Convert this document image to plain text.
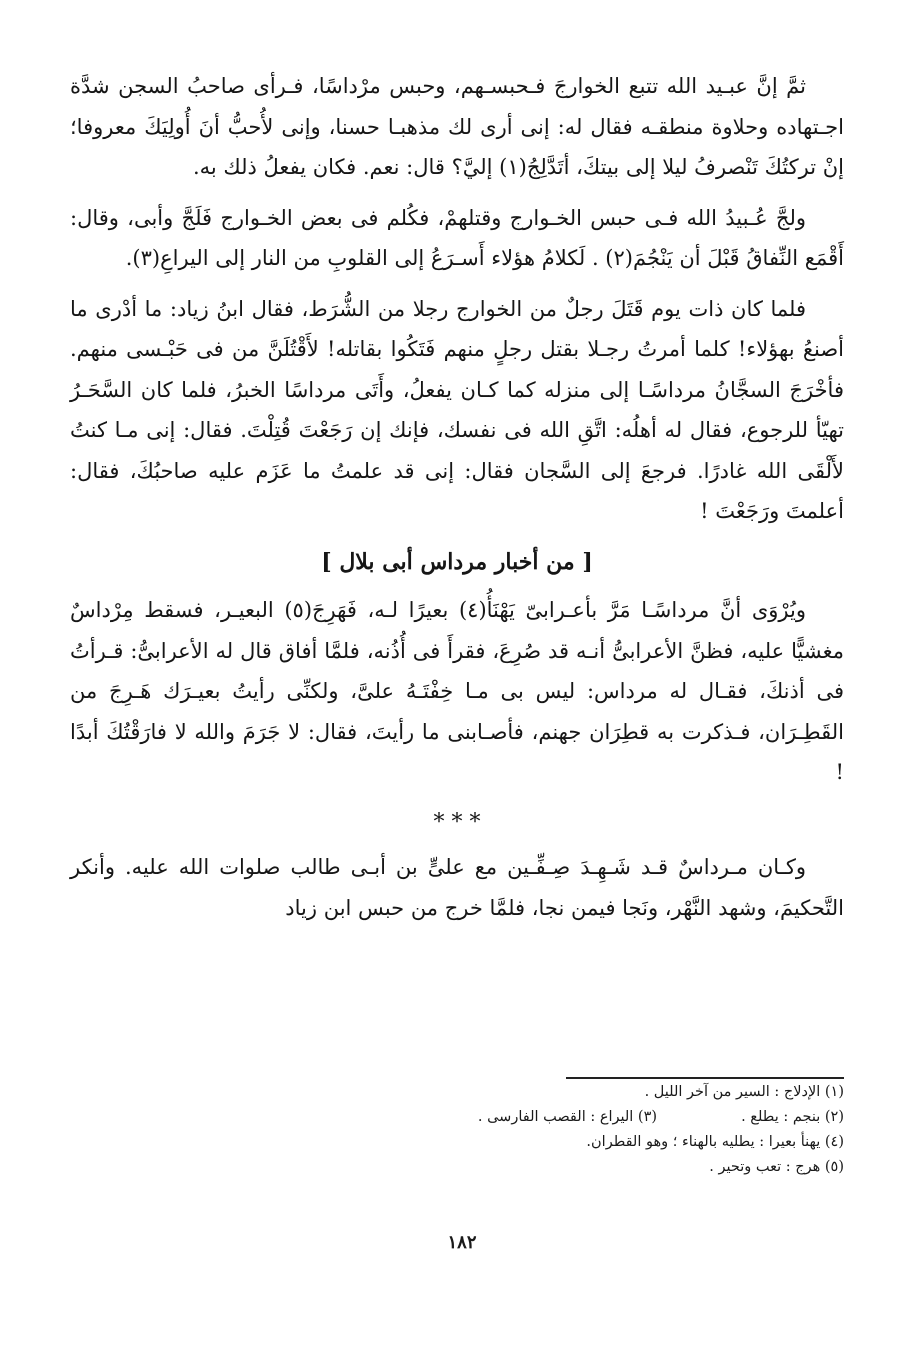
ثمَّ إنَّ عبـيد الله تتبع الخوارجَ فـحبسـهم، وحبس مرْداسًا، فـرأى صاحبُ السجن شدَّة اجـتهاده وحلاوة منطقـه فقال له: إنى أرى لك مذهبـا حسنا، وإنى لأُحبُّ أنَ أُولِيَكَ معروفا؛ إنْ تركتُكَ تَنْصرفُ ليلا إلى بيتكَ، أتَدَّلِجُ(١) إليَّ؟ قال: نعم. فكان يفعلُ ذلك به.

ولجَّ عُـبيدُ الله فـى حبس الخـوارج وقتلهمْ، فكُلم فى بعض الخـوارج فَلَجَّ وأبى، وقال: أَقْمَع النِّفاقُ قَبْلَ أن يَنْجُمَ(٢) . لَكلامُ هؤلاء أَسـرَعُ إلى القلوبِ من النار إلى اليراعِ(٣).

فلما كان ذات يوم قَتَلَ رجلٌ من الخوارج رجلا من الشُّرَط، فقال ابنُ زياد: ما أدْرى ما أصنعُ بهؤلاء! كلما أمرتُ رجـلا بقتل رجلٍ منهم فَتَكُوا بقاتله! لأَقْتُلَنَّ من فى حَبْـسى منهم. فأخْرَجَ السجَّانُ مرداسًـا إلى منزله كما كـان يفعلُ، وأَتَى مرداسًا الخبرُ، فلما كان السَّحَـرُ تهيّأ للرجوع، فقال له أهلُه: اتَّقِ الله فى نفسك، فإنك إن رَجَعْتَ قُتِلْتَ. فقال: إنى مـا كنتُ لأَلْقَى الله غادرًا. فرجعَ إلى السَّجان فقال: إنى قد علمتُ ما عَزَم عليه صاحبُكَ، فقال: أعلمتَ ورَجَعْتَ !

[ من أخبار مرداس أبى بلال ]

ويُرْوَى أنَّ مرداسًـا مَرَّ بأعـرابىّ يَهْنَأُ(٤) بعيرًا لـه، فَهَرِجَ(٥) البعيـر، فسقط مِرْداسٌ مغشيًّا عليه، فظنَّ الأعرابىُّ أنـه قد صُرِعَ، فقرأَ فى أُذُنه، فلمَّا أفاق قال له الأعرابىُّ: قـرأتُ فى أذنكَ، فقـال له مرداس: ليس بى مـا خِفْتَـهُ علىَّ، ولكنِّى رأيتُ بعيـرَك هَـرِجَ من القَطِـرَان، فـذكرت به قطِرَان جهنم، فأصـابنى ما رأيتَ، فقال: لا جَرَمَ والله لا فارَقْتُكَ أبدًا !

* * *

وكـان مـرداسٌ قـد شَـهِـدَ صِـفِّـين مع علىٍّ بن أبـى طالب صلوات الله عليه. وأنكر التَّحكيمَ، وشهد النَّهْر، ونَجا فيمن نجا، فلمَّا خرج من حبس ابن زياد

(١) الإدلاج : السير من آخر الليل .
(٢) بنجم : يطلع .
(٣) اليراع : القصب الفارسى .
(٤) يهنأ بعيرا : يطليه بالهناء ؛ وهو القطران.
(٥) هرج : تعب وتحير .
١٨٢
